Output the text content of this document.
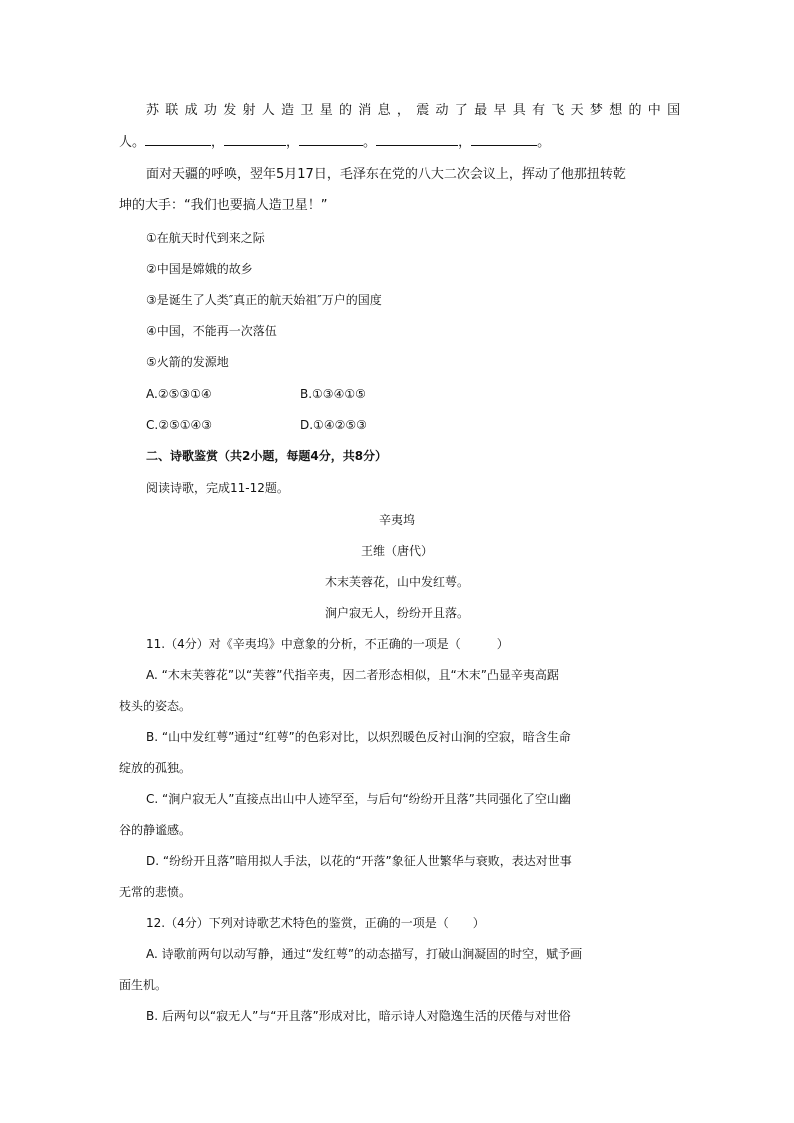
苏联成功发射人造卫星的消息，震动了最早具有飞天梦想的中国
人。	，	，	。	，	。
面对天疆的呼唤，翌年5月17日，毛泽东在党的八大二次会议上，挥动了他那扭转乾
坤的大手：“我们也要搞人造卫星！”
①在航天时代到来之际
②中国是嫦娥的故乡
③是诞生了人类″真正的航天始祖″万户的国度
④中国，不能再一次落伍
⑤火箭的发源地
A.②⑤③①④	B.①③④①⑤
C.②⑤①④③	D.①④②⑤③
二、诗歌鉴赏（共2小题，每题4分，共8分）
阅读诗歌，完成11-12题。
辛夷坞
王维（唐代）
木末芙蓉花，山中发红萼。
涧户寂无人，纷纷开且落。
11.（4分）对《辛夷坞》中意象的分析，不正确的一项是（　　　）
A. “木末芙蓉花”以“芙蓉”代指辛夷，因二者形态相似，且“木末”凸显辛夷高踞
枝头的姿态。
B. “山中发红萼”通过“红萼”的色彩对比，以炽烈暖色反衬山涧的空寂，暗含生命
绽放的孤独。
C. “涧户寂无人”直接点出山中人迹罕至，与后句“纷纷开且落”共同强化了空山幽
谷的静谧感。
D. “纷纷开且落”暗用拟人手法，以花的“开落”象征人世繁华与衰败，表达对世事
无常的悲愤。
12.（4分）下列对诗歌艺术特色的鉴赏，正确的一项是（　　）
A. 诗歌前两句以动写静，通过“发红萼”的动态描写，打破山涧凝固的时空，赋予画
面生机。
B. 后两句以“寂无人”与“开且落”形成对比，暗示诗人对隐逸生活的厌倦与对世俗
